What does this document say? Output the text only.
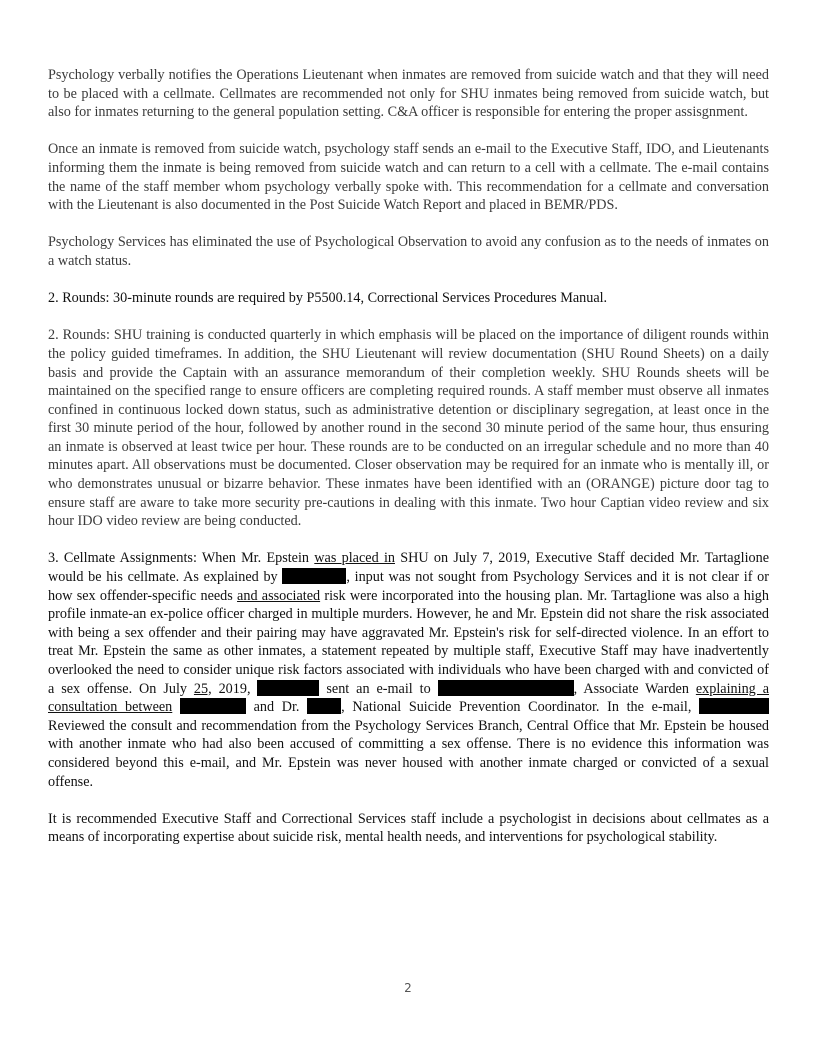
Psychology verbally notifies the Operations Lieutenant when inmates are removed from suicide watch and that they will need to be placed with a cellmate. Cellmates are recommended not only for SHU inmates being removed from suicide watch, but also for inmates returning to the general population setting. C&A officer is responsible for entering the proper assisgnment.

Once an inmate is removed from suicide watch, psychology staff sends an e-mail to the Executive Staff, IDO, and Lieutenants informing them the inmate is being removed from suicide watch and can return to a cell with a cellmate. The e-mail contains the name of the staff member whom psychology verbally spoke with. This recommendation for a cellmate and conversation with the Lieutenant is also documented in the Post Suicide Watch Report and placed in BEMR/PDS.

Psychology Services has eliminated the use of Psychological Observation to avoid any confusion as to the needs of inmates on a watch status.

2. Rounds: 30-minute rounds are required by P5500.14, Correctional Services Procedures Manual.

2. Rounds: SHU training is conducted quarterly in which emphasis will be placed on the importance of diligent rounds within the policy guided timeframes. In addition, the SHU Lieutenant will review documentation (SHU Round Sheets) on a daily basis and provide the Captain with an assurance memorandum of their completion weekly. SHU Rounds sheets will be maintained on the specified range to ensure officers are completing required rounds. A staff member must observe all inmates confined in continuous locked down status, such as administrative detention or disciplinary segregation, at least once in the first 30 minute period of the hour, followed by another round in the second 30 minute period of the same hour, thus ensuring an inmate is observed at least twice per hour. These rounds are to be conducted on an irregular schedule and no more than 40 minutes apart. All observations must be documented. Closer observation may be required for an inmate who is mentally ill, or who demonstrates unusual or bizarre behavior. These inmates have been identified with an (ORANGE) picture door tag to ensure staff are aware to take more security pre-cautions in dealing with this inmate. Two hour Captian video review and six hour IDO video review are being conducted.

3. Cellmate Assignments: When Mr. Epstein was placed in SHU on July 7, 2019, Executive Staff decided Mr. Tartaglione would be his cellmate. As explained by	, input was not sought from Psychology Services and it is not clear if or how sex offender-specific needs and associated risk were incorporated into the housing plan. Mr. Tartaglione was also a high profile inmate-an ex-police officer charged in multiple murders. However, he and Mr. Epstein did not share the risk associated with being a sex offender and their pairing may have aggravated Mr. Epstein's risk for self-directed violence. In an effort to treat Mr. Epstein the same as other inmates, a statement repeated by multiple staff, Executive Staff may have inadvertently overlooked the need to consider unique risk factors associated with individuals who have been charged with and convicted of a sex offense. On July 25, 2019,	sent an e-mail to	, Associate Warden explaining a consultation between	and Dr. , National Suicide Prevention Coordinator. In the e-mail,  Reviewed the consult and recommendation from the Psychology Services Branch, Central Office that Mr. Epstein be housed with another inmate who had also been accused of committing a sex offense. There is no evidence this information was considered beyond this e-mail, and Mr. Epstein was never housed with another inmate charged or convicted of a sexual offense.

It is recommended Executive Staff and Correctional Services staff include a psychologist in decisions about cellmates as a means of incorporating expertise about suicide risk, mental health needs, and interventions for psychological stability.

2
